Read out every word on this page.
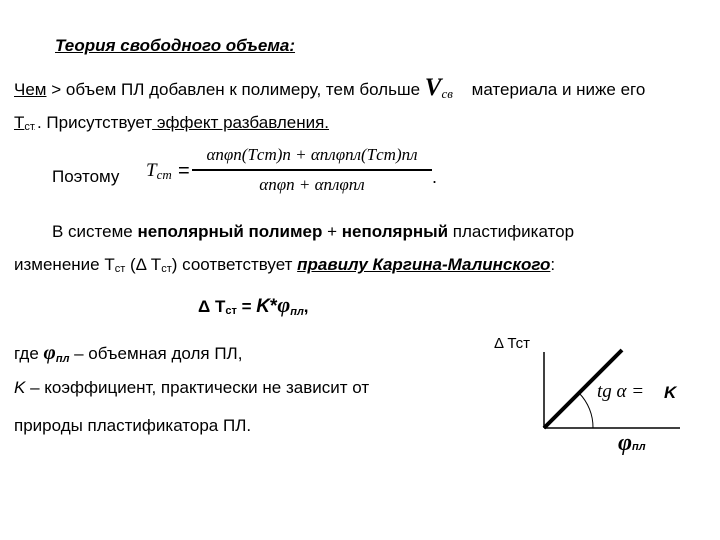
Теория свободного объема:
Чем > объем ПЛ добавлен к полимеру, тем больше $V_{св}$ материала и ниже его
Tст . Присутствует эффект разбавления.
Поэтому Tст =
αпφп(Tст)п + αплφпл(Tст)пл
αпφп + αплφпл	.
В системе неполярный полимер + неполярный пластификатор
изменение Тст (Δ Тст) соответствует правилу Каргина-Малинского:
Δ Тст = K*φпл,
где φпл – объемная доля ПЛ,
K – коэффициент, практически не зависит от
природы пластификатора ПЛ.
Δ Тст
tg α = K
φпл
